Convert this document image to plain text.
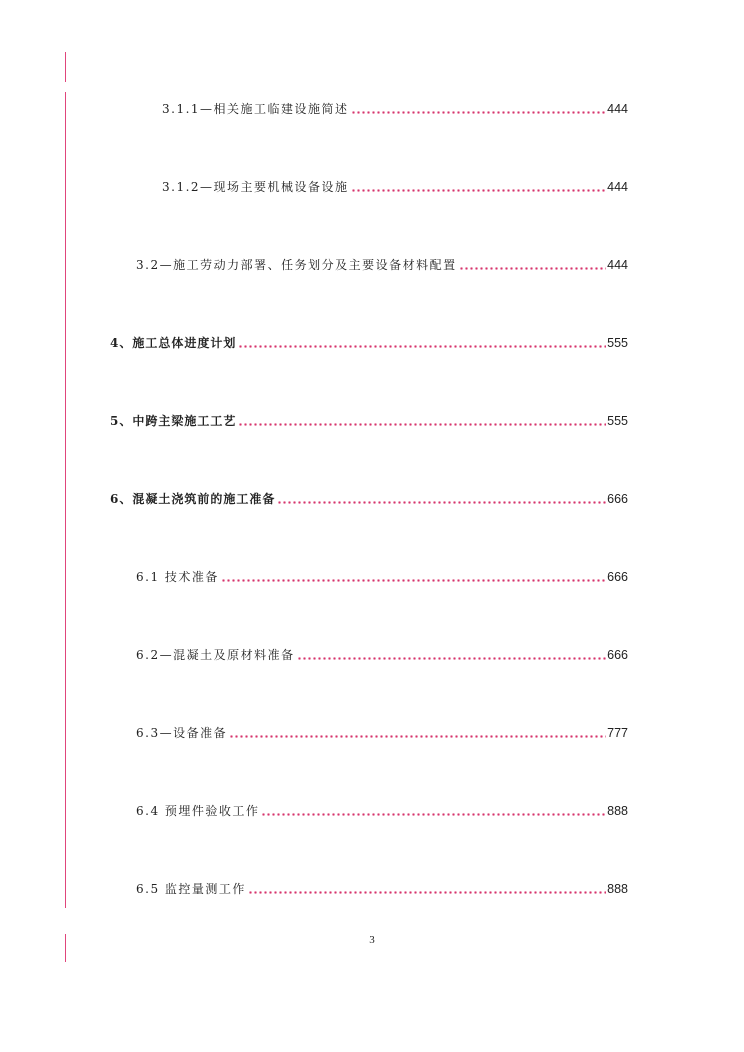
3.1.1—相关施工临建设施简述	444
3.1.2—现场主要机械设备设施	444
3.2—施工劳动力部署、任务划分及主要设备材料配置	444
4、施工总体进度计划	555
5、中跨主梁施工工艺	555
6、混凝土浇筑前的施工准备	666
6.1 技术准备	666
6.2—混凝土及原材料准备	666
6.3—设备准备	777
6.4 预埋件验收工作	888
6.5 监控量测工作	888
3
